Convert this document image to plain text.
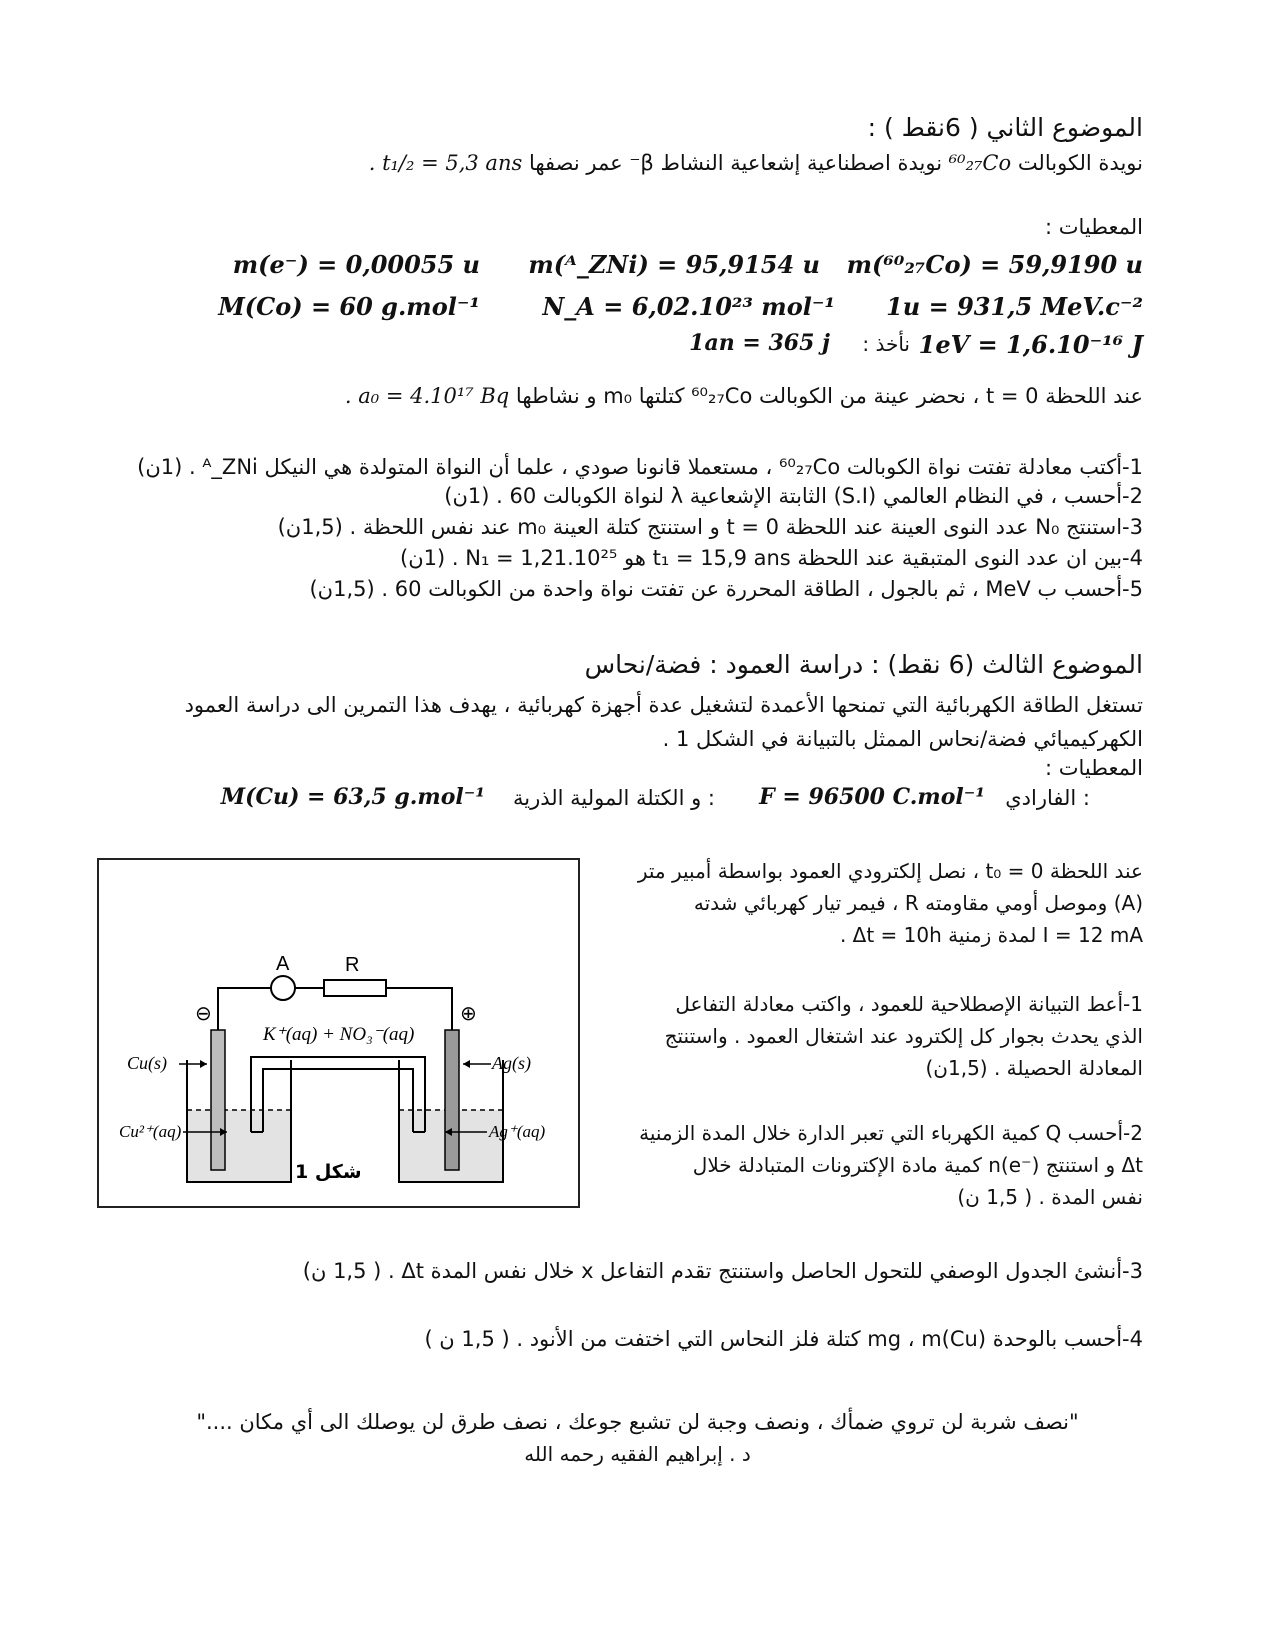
الموضوع الثاني ( 6نقط ) :
نويدة الكوبالت ⁶⁰₂₇Co نويدة اصطناعية إشعاعية النشاط β⁻ عمر نصفها t₁/₂ = 5,3 ans .
المعطيات :
m(⁶⁰₂₇Co) = 59,9190 u
m(ᴬ_ZNi) = 95,9154 u
m(e⁻) = 0,00055 u
1u = 931,5 MeV.c⁻²
N_A = 6,02.10²³ mol⁻¹
M(Co) = 60 g.mol⁻¹
1eV = 1,6.10⁻¹⁶ J
نأخذ :
1an = 365 j
عند اللحظة t = 0 ، نحضر عينة من الكوبالت ⁶⁰₂₇Co كتلتها m₀ و نشاطها a₀ = 4.10¹⁷ Bq .
1-أكتب معادلة تفتت نواة الكوبالت ⁶⁰₂₇Co ، مستعملا قانونا صودي ، علما أن النواة المتولدة هي النيكل ᴬ_ZNi . (1ن)
2-أحسب ، في النظام العالمي (S.I) الثابتة الإشعاعية λ لنواة الكوبالت 60 . (1ن)
3-استنتج N₀ عدد النوى العينة عند اللحظة t = 0 و استنتج كتلة العينة m₀ عند نفس اللحظة . (1,5ن)
4-بين ان عدد النوى المتبقية عند اللحظة t₁ = 15,9 ans هو N₁ = 1,21.10²⁵ . (1ن)
5-أحسب ب MeV ، ثم بالجول ، الطاقة المحررة عن تفتت نواة واحدة من الكوبالت 60 . (1,5ن)
الموضوع الثالث (6 نقط) : دراسة العمود : فضة/نحاس
تستغل الطاقة الكهربائية التي تمنحها الأعمدة لتشغيل عدة أجهزة كهربائية ، يهدف هذا التمرين الى دراسة العمود
الكهركيميائي فضة/نحاس الممثل بالتبيانة في الشكل 1 .
المعطيات :
الفارادي :
F = 96500 C.mol⁻¹
و الكتلة المولية الذرية :
M(Cu) = 63,5 g.mol⁻¹
عند اللحظة t₀ = 0 ، نصل إلكترودي العمود بواسطة أمبير متر
(A) وموصل أومي مقاومته R ، فيمر تيار كهربائي شدته
I = 12 mA لمدة زمنية Δt = 10h .
1-أعط التبيانة الإصطلاحية للعمود ، واكتب معادلة التفاعل
الذي يحدث بجوار كل إلكترود عند اشتغال العمود . واستنتج
المعادلة الحصيلة . (1,5ن)
2-أحسب Q كمية الكهرباء التي تعبر الدارة خلال المدة الزمنية
Δt و استنتج n(e⁻) كمية مادة الإكترونات المتبادلة خلال
نفس المدة . ( 1,5 ن)
3-أنشئ الجدول الوصفي للتحول الحاصل واستنتج تقدم التفاعل x خلال نفس المدة Δt . ( 1,5 ن)
4-أحسب بالوحدة mg ، m(Cu) كتلة فلز النحاس التي اختفت من الأنود . ( 1,5 ن )
A	R
K⁺(aq) + NO₃⁻(aq)
⊖	⊕
Cu(s)	Ag(s)
Cu²⁺(aq)	Ag⁺(aq)
شكل 1
"نصف شربة لن تروي ضمأك ، ونصف وجبة لن تشبع جوعك ، نصف طرق لن يوصلك الى أي مكان ...."
د . إبراهيم الفقيه رحمه الله
